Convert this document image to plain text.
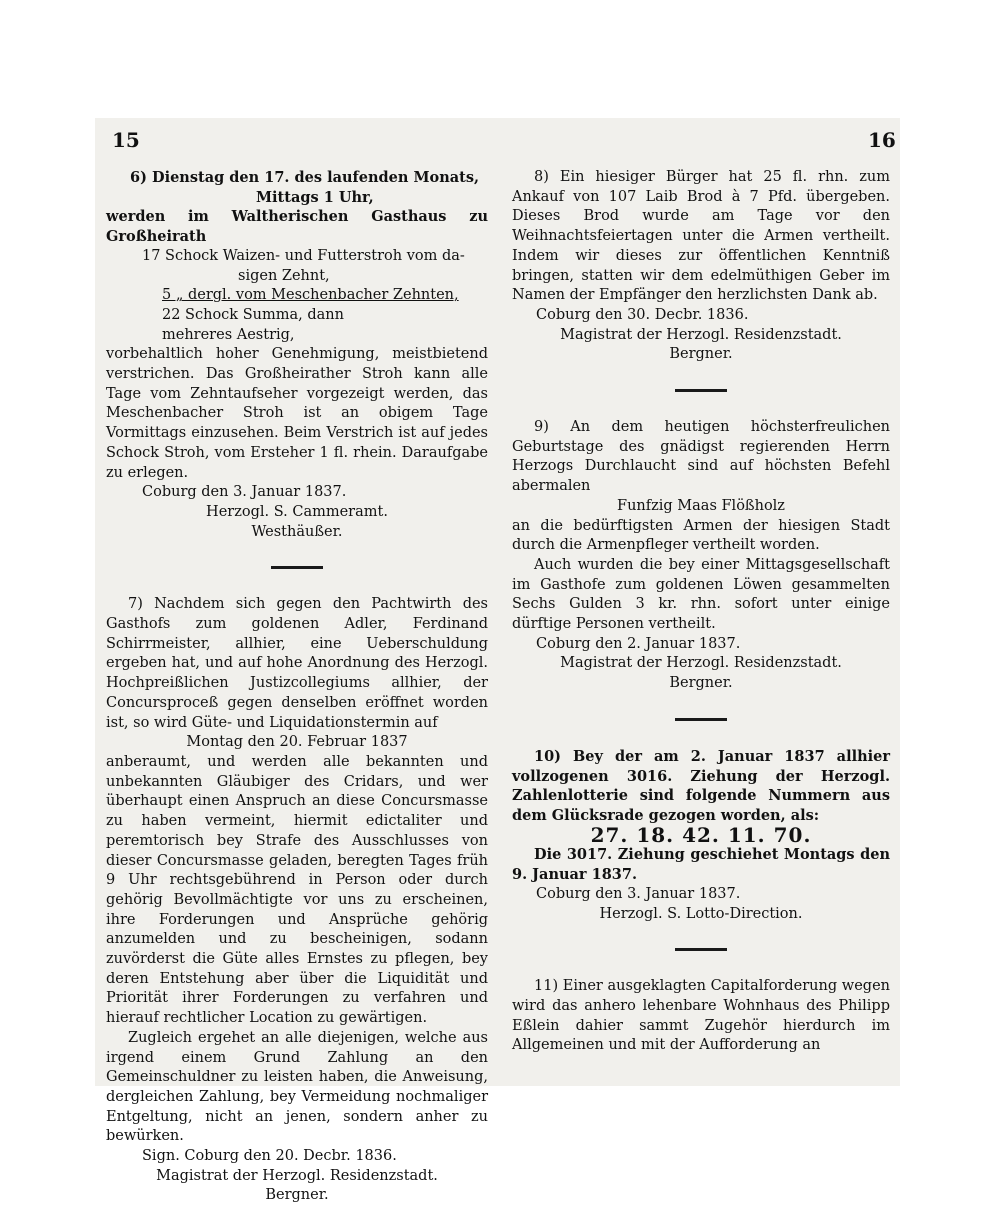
15	16

6) Dienstag den 17. des laufenden Monats,

Mittags 1 Uhr,

werden im Waltherischen Gasthaus zu Großheirath

17 Schock Waizen- und Futterstroh vom da-

sigen Zehnt,

5 „ dergl. vom Meschenbacher Zehnten,

22 Schock Summa, dann

mehreres Aestrig,

vorbehaltlich hoher Genehmigung, meistbietend verstrichen. Das Großheirather Stroh kann alle Tage vom Zehntaufseher vorgezeigt werden, das Meschenbacher Stroh ist an obigem Tage Vormittags einzusehen. Beim Verstrich ist auf jedes Schock Stroh, vom Ersteher 1 fl. rhein. Daraufgabe zu erlegen.

Coburg den 3. Januar 1837.

Herzogl. S. Cammeramt.

Westhäußer.

7) Nachdem sich gegen den Pachtwirth des Gasthofs zum goldenen Adler, Ferdinand Schirrmeister, allhier, eine Ueberschuldung ergeben hat, und auf hohe Anordnung des Herzogl. Hochpreißlichen Justizcollegiums allhier, der Concursproceß gegen denselben eröffnet worden ist, so wird Güte- und Liquidationstermin auf

Montag den 20. Februar 1837

anberaumt, und werden alle bekannten und unbekannten Gläubiger des Cridars, und wer überhaupt einen Anspruch an diese Concursmasse zu haben vermeint, hiermit edictaliter und peremtorisch bey Strafe des Ausschlusses von dieser Concursmasse geladen, beregten Tages früh 9 Uhr rechtsgebührend in Person oder durch gehörig Bevollmächtigte vor uns zu erscheinen, ihre Forderungen und Ansprüche gehörig anzumelden und zu bescheinigen, sodann zuvörderst die Güte alles Ernstes zu pflegen, bey deren Entstehung aber über die Liquidität und Priorität ihrer Forderungen zu verfahren und hierauf rechtlicher Location zu gewärtigen.

Zugleich ergehet an alle diejenigen, welche aus irgend einem Grund Zahlung an den Gemeinschuldner zu leisten haben, die Anweisung, dergleichen Zahlung, bey Vermeidung nochmaliger Entgeltung, nicht an jenen, sondern anher zu bewürken.

Sign. Coburg den 20. Decbr. 1836.

Magistrat der Herzogl. Residenzstadt.

Bergner.

8) Ein hiesiger Bürger hat 25 fl. rhn. zum Ankauf von 107 Laib Brod à 7 Pfd. übergeben. Dieses Brod wurde am Tage vor den Weihnachtsfeiertagen unter die Armen vertheilt. Indem wir dieses zur öffentlichen Kenntniß bringen, statten wir dem edelmüthigen Geber im Namen der Empfänger den herzlichsten Dank ab.

Coburg den 30. Decbr. 1836.

Magistrat der Herzogl. Residenzstadt.

Bergner.

9) An dem heutigen höchsterfreulichen Geburtstage des gnädigst regierenden Herrn Herzogs Durchlaucht sind auf höchsten Befehl abermalen

Funfzig Maas Flößholz

an die bedürftigsten Armen der hiesigen Stadt durch die Armenpfleger vertheilt worden.

Auch wurden die bey einer Mittagsgesellschaft im Gasthofe zum goldenen Löwen gesammelten Sechs Gulden 3 kr. rhn. sofort unter einige dürftige Personen vertheilt.

Coburg den 2. Januar 1837.

Magistrat der Herzogl. Residenzstadt.

Bergner.

10) Bey der am 2. Januar 1837 allhier vollzogenen 3016. Ziehung der Herzogl. Zahlenlotterie sind folgende Nummern aus dem Glücksrade gezogen worden, als:

27. 18. 42. 11. 70.

Die 3017. Ziehung geschiehet Montags den 9. Januar 1837.

Coburg den 3. Januar 1837.

Herzogl. S. Lotto-Direction.

11) Einer ausgeklagten Capitalforderung wegen wird das anhero lehenbare Wohnhaus des Philipp Eßlein dahier sammt Zugehör hierdurch im Allgemeinen und mit der Aufforderung an
